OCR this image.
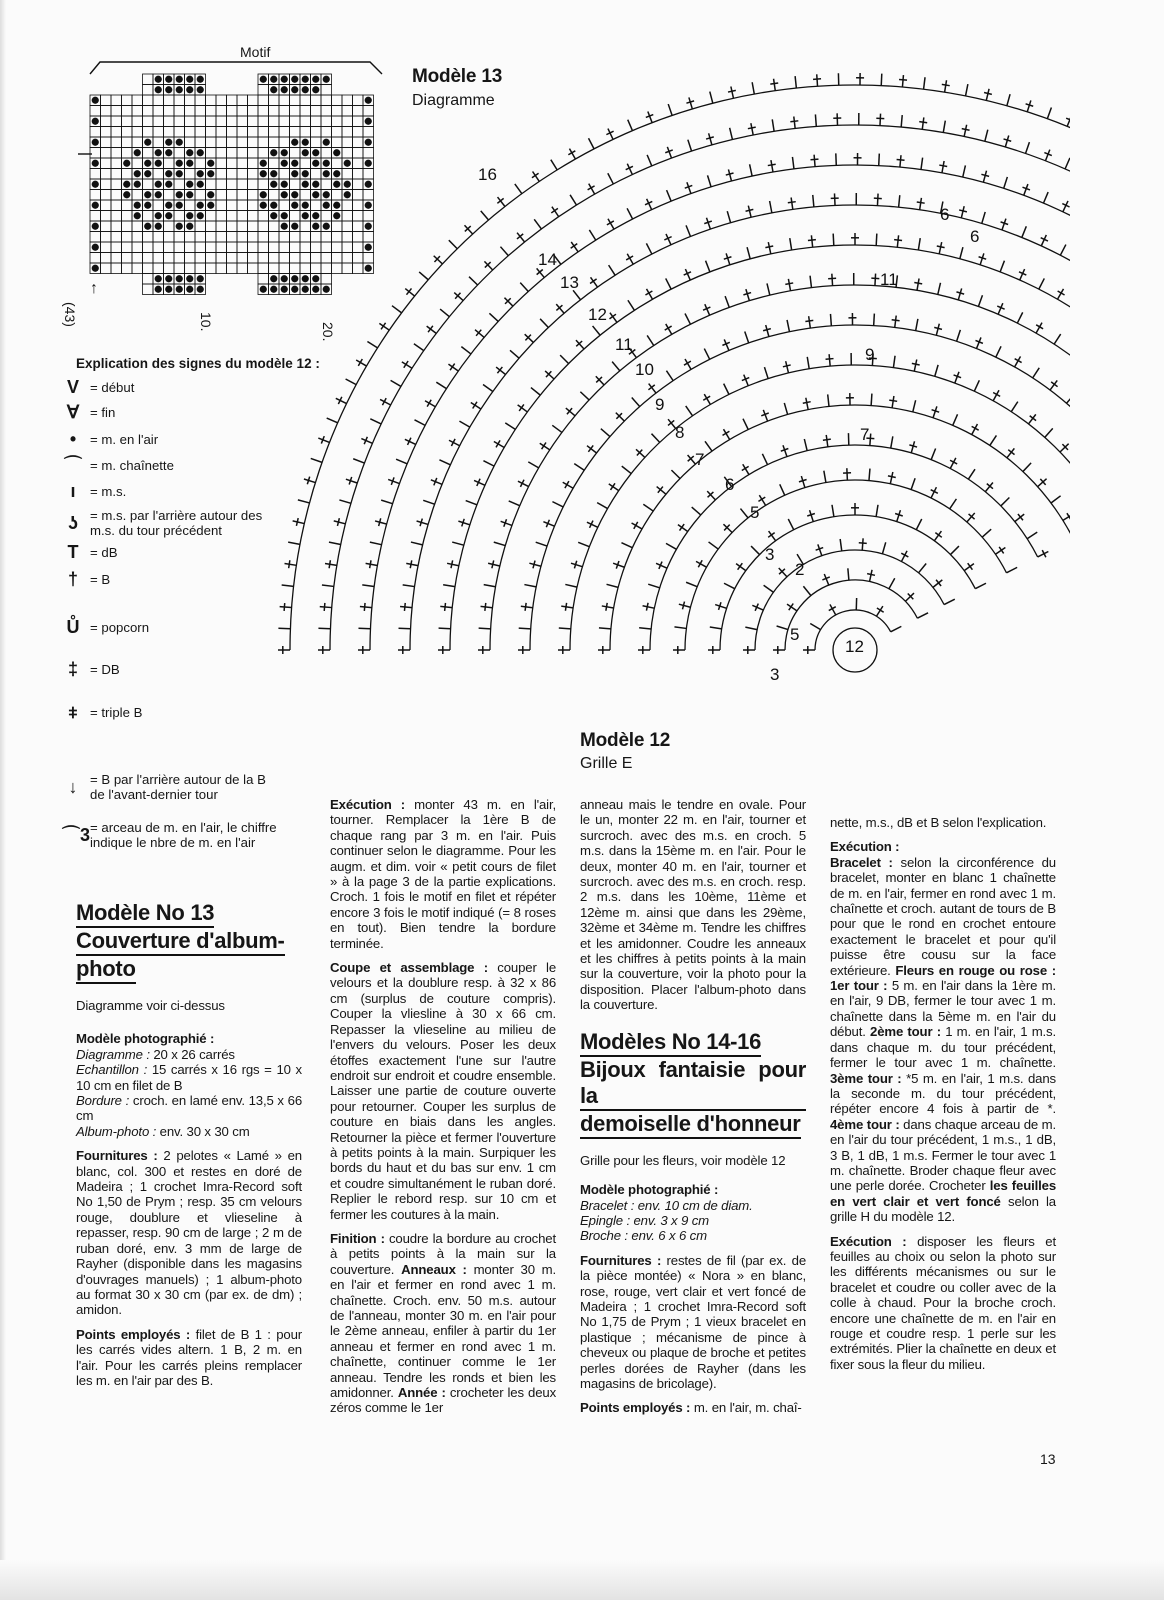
Motif
(43)	10.
20.
↑
Modèle 13
Diagramme
16
14
13
12
11
10
9
8
7
6
5
3
2
6
6
11
9
7
5
3
12
Modèle 12
Grille E
Explication des signes du modèle 12 :
V = début
∀ = fin
•	= m. en l'air
⌒ = m. chaînette
ı	= m.s.
ʖ = m.s. par l'arrière autour des m.s. du tour précédent
T = dB
† = B
Ů = popcorn
‡ = DB
⧧ = triple B
↓ = B par l'arrière autour de la B de l'avant-dernier tour
⌒3 = arceau de m. en l'air, le chiffre indique le nbre de m. en l'air
Modèle No 13
Couverture d'album-
photo

Diagramme voir ci-dessus

Modèle photographié :

Diagramme : 20 x 26 carrés
Echantillon : 15 carrés x 16 rgs = 10 x 10 cm en filet de B
Bordure : croch. en lamé env. 13,5 x 66 cm
Album-photo : env. 30 x 30 cm

Fournitures : 2 pelotes « Lamé » en blanc, col. 300 et restes en doré de Madeira ; 1 crochet Imra-Record soft No 1,50 de Prym ; resp. 35 cm velours rouge, doublure et vlieseline à repasser, resp. 90 cm de large ; 2 m de ruban doré, env. 3 mm de large de Rayher (disponible dans les magasins d'ouvrages manuels) ; 1 album-photo au format 30 x 30 cm (par ex. de dm) ; amidon.

Points employés : filet de B 1 : pour les carrés vides altern. 1 B, 2 m. en l'air. Pour les carrés pleins remplacer les m. en l'air par des B.

Exécution : monter 43 m. en l'air, tourner. Remplacer la 1ère B de chaque rang par 3 m. en l'air. Puis continuer selon le diagramme. Pour les augm. et dim. voir « petit cours de filet » à la page 3 de la partie explications. Croch. 1 fois le motif en filet et répéter encore 3 fois le motif indiqué (= 8 roses en tout). Bien tendre la bordure terminée.

Coupe et assemblage : couper le velours et la doublure resp. à 32 x 86 cm (surplus de couture compris). Couper la vliesline à 30 x 66 cm. Repasser la vlieseline au milieu de l'envers du velours. Poser les deux étoffes exactement l'une sur l'autre endroit sur endroit et coudre ensemble. Laisser une partie de couture ouverte pour retourner. Couper les surplus de couture en biais dans les angles. Retourner la pièce et fermer l'ouverture à petits points à la main. Surpiquer les bords du haut et du bas sur env. 1 cm et coudre simultanément le ruban doré. Replier le rebord resp. sur 10 cm et fermer les coutures à la main.

Finition : coudre la bordure au crochet à petits points à la main sur la couverture. Anneaux : monter 30 m. en l'air et fermer en rond avec 1 m. chaînette. Croch. env. 50 m.s. autour de l'anneau, monter 30 m. en l'air pour le 2ème anneau, enfiler à partir du 1er anneau et fermer en rond avec 1 m. chaînette, continuer comme le 1er anneau. Tendre les ronds et bien les amidonner. Année : crocheter les deux zéros comme le 1er

anneau mais le tendre en ovale. Pour le un, monter 22 m. en l'air, tourner et surcroch. avec des m.s. en croch. 5 m.s. dans la 15ème m. en l'air. Pour le deux, monter 40 m. en l'air, tourner et surcroch. avec des m.s. en croch. resp. 2 m.s. dans les 10ème, 11ème et 12ème m. ainsi que dans les 29ème, 32ème et 34ème m. Tendre les chiffres et les amidonner. Coudre les anneaux et les chiffres à petits points à la main sur la couverture, voir la photo pour la disposition. Placer l'album-photo dans la couverture.

Modèles No 14-16
Bijoux fantaisie pour la
demoiselle d'honneur

Grille pour les fleurs, voir modèle 12

Modèle photographié :

Bracelet : env. 10 cm de diam.
Epingle : env. 3 x 9 cm
Broche : env. 6 x 6 cm

Fournitures : restes de fil (par ex. de la pièce montée) « Nora » en blanc, rose, rouge, vert clair et vert foncé de Madeira ; 1 crochet Imra-Record soft No 1,75 de Prym ; 1 vieux bracelet en plastique ; mécanisme de pince à cheveux ou plaque de broche et petites perles dorées de Rayher (dans les magasins de bricolage).

Points employés : m. en l'air, m. chaî-

nette, m.s., dB et B selon l'explication.

Exécution :

Bracelet : selon la circonférence du bracelet, monter en blanc 1 chaînette de m. en l'air, fermer en rond avec 1 m. chaînette et croch. autant de tours de B pour que le rond en crochet entoure exactement le bracelet et pour qu'il puisse être cousu sur la face extérieure. Fleurs en rouge ou rose : 1er tour : 5 m. en l'air dans la 1ère m. en l'air, 9 DB, fermer le tour avec 1 m. chaînette dans la 5ème m. en l'air du début. 2ème tour : 1 m. en l'air, 1 m.s. dans chaque m. du tour précédent, fermer le tour avec 1 m. chaînette. 3ème tour : *5 m. en l'air, 1 m.s. dans la seconde m. du tour précédent, répéter encore 4 fois à partir de *. 4ème tour : dans chaque arceau de m. en l'air du tour précédent, 1 m.s., 1 dB, 3 B, 1 dB, 1 m.s. Fermer le tour avec 1 m. chaînette. Broder chaque fleur avec une perle dorée. Crocheter les feuilles en vert clair et vert foncé selon la grille H du modèle 12.

Exécution : disposer les fleurs et feuilles au choix ou selon la photo sur les différents mécanismes ou sur le bracelet et coudre ou coller avec de la colle à chaud. Pour la broche croch. encore une chaînette de m. en l'air en rouge et coudre resp. 1 perle sur les extrémités. Plier la chaînette en deux et fixer sous la fleur du milieu.

13
